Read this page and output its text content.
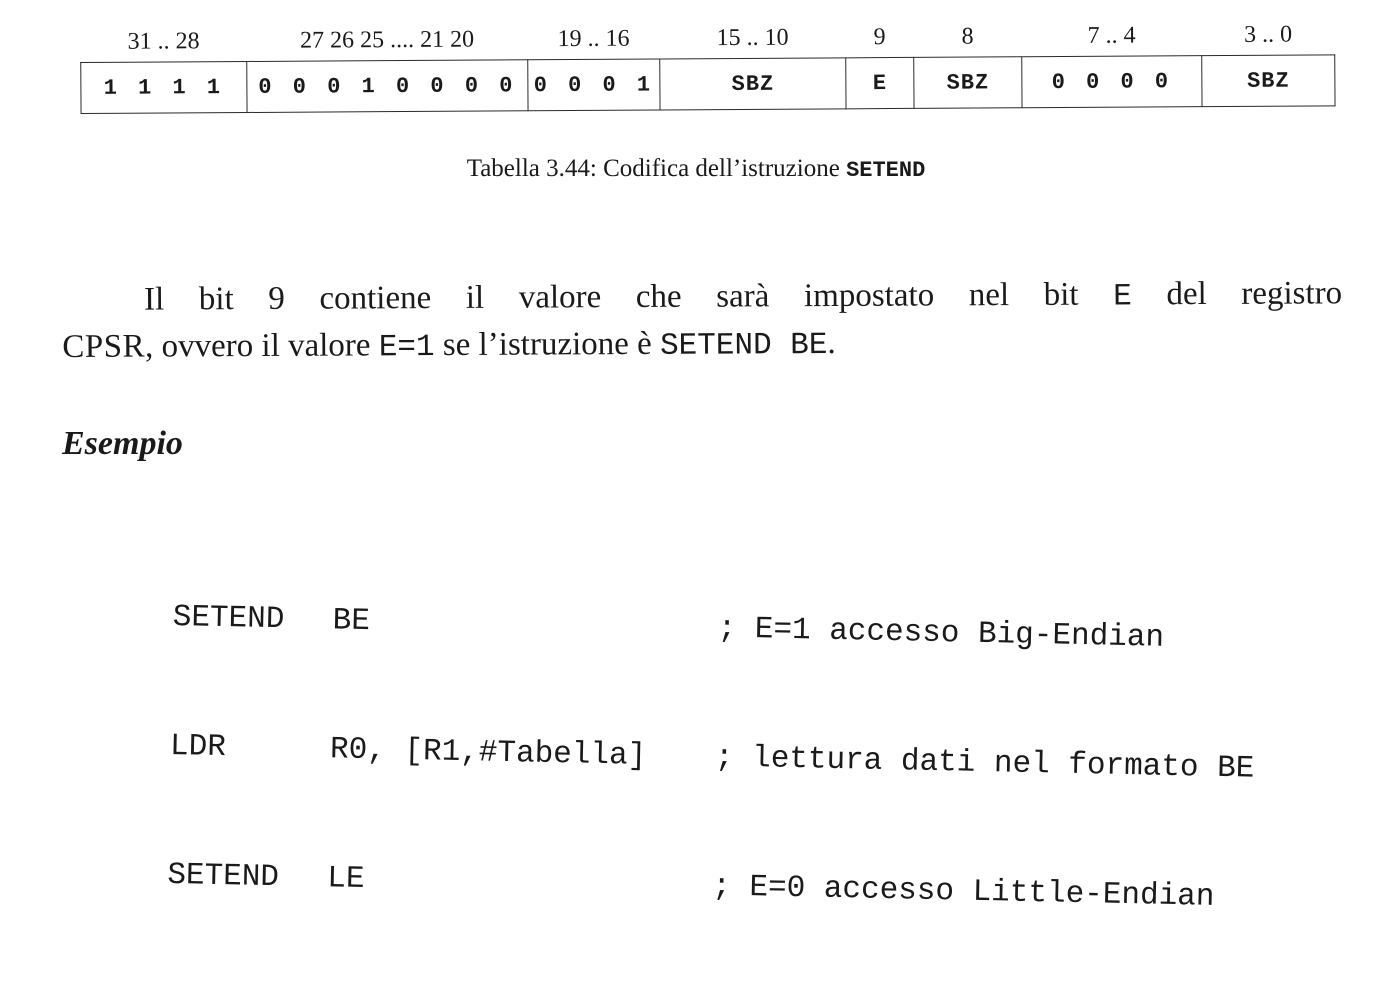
31 .. 28	27 26 25 .... 21 20	19 .. 16	15 .. 10	9	8	7 .. 4	3 .. 0
1 1 1 1	0 0 0 1 0 0 0 0	0 0 0 1	SBZ	E	SBZ	0 0 0 0	SBZ
Tabella 3.44: Codifica dell’istruzione SETEND

Il bit 9 contiene il valore che sarà impostato nel bit E del registro
CPSR, ovvero il valore E=1 se l’istruzione è SETEND BE.

Esempio

SETEND BE	; E=1 accesso Big-Endian

LDR	R0, [R1,#Tabella] ; lettura dati nel formato BE

SETEND LE	; E=0 accesso Little-Endian
